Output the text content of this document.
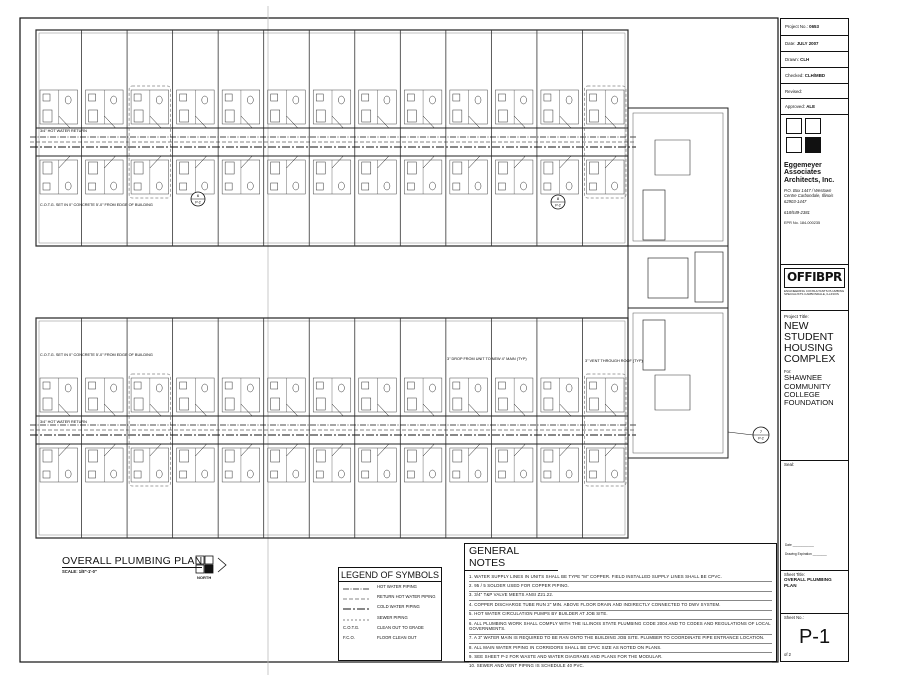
6
P-2
8
P-2
7
P-2
3/4" HOT WATER RETURN
C.O.T.G. SET IN 0" CONCRETE 5'-0" FROM EDGE OF BUILDING
C.O.T.G. SET IN 0" CONCRETE 5'-0" FROM EDGE OF BUILDING
3/4" HOT WATER RETURN
3" DROP FROM UNIT TO NEW 4" MAIN (TYP)	3" VENT THROUGH ROOF (TYP)
OVERALL PLUMBING PLAN
SCALE: 1/8"-1'-0"
NORTH	LEGEND OF SYMBOLS
HOT WATER PIPING
RETURN HOT WATER PIPING
COLD WATER PIPING
SEWER PIPING
C.O.T.G.	CLEAN OUT TO GRADE
F.C.O.	FLOOR CLEAN OUT
GENERAL NOTES
1. WATER SUPPLY LINES IN UNITS SHALL BE TYPE "M" COPPER. FIELD INSTALLED SUPPLY LINES SHALL BE CPVC.
2. 95 / 5 SOLDER USED FOR COPPER PIPING.
3. 3/4" T&P VALVE MEETS ANSI Z21.22.
4. COPPER DISCHARGE TUBE RUN 2" MIN. ABOVE FLOOR DRAIN AND INDIRECTLY CONNECTED TO DWV SYSTEM.
5. HOT WATER CIRCULATION PUMPS BY BUILDER AT JOB SITE.
6. ALL PLUMBING WORK SHALL COMPLY WITH THE ILLINOIS STATE PLUMBING CODE 2004 AND TO CODES AND REGULATIONS OF LOCAL GOVERNMENTS.
7. A 3" WATER MAIN IS REQUIRED TO BE RAN ONTO THE BUILDING JOB SITE. PLUMBER TO COORDINATE PIPE ENTRANCE LOCATION.
8. ALL MAIN WATER PIPING IN CORRIDORS SHALL BE CPVC SIZE AS NOTED ON PLANS.
9. SEE SHEET P-2 FOR WASTE AND WATER DIAGRAMS AND PLANS FOR THE MODULAR.
10. SEWER AND VENT PIPING IS SCHEDULE 40 PVC.
Project No.: 0653
Date: JULY 2007
Drawn: CLH
Checked: CLH/MBD
Revised:
Approved: ALE
Eggemeyer Associates Architects, Inc.
P.O. Box 1447 / Westown Centre Carbondale, Illinois 62903-1447
618/549-2381
EPR No. 184-000235
OFFIBPR
ENGINEERING CONSULTANTS PLUMBING SPECIALISTS CARBONDALE, ILLINOIS
Project Title:
NEW STUDENT HOUSING COMPLEX
For:
SHAWNEE COMMUNITY COLLEGE FOUNDATION
Seal:
Date ____________
Drawing Expiration ________
Sheet Title:
OVERALL PLUMBING PLAN
Sheet No.:
P-1
of 2
